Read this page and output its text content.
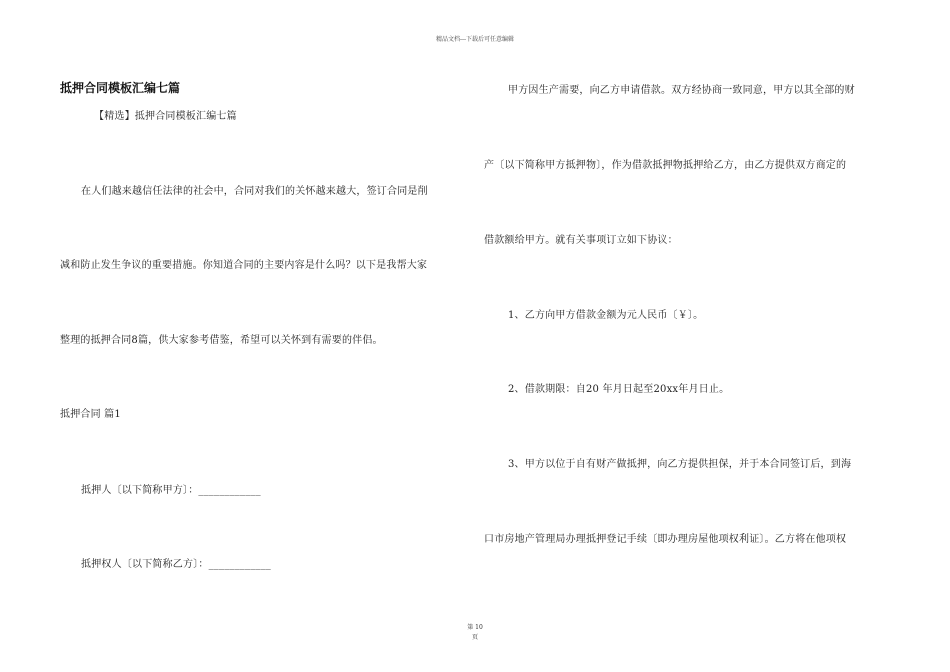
精品文档---下载后可任意编辑
抵押合同模板汇编七篇
【精选】抵押合同模板汇编七篇
在人们越来越信任法律的社会中，合同对我们的关怀越来越大，签订合同是削
减和防止发生争议的重要措施。你知道合同的主要内容是什么吗？以下是我帮大家
整理的抵押合同8篇，供大家参考借鉴，希望可以关怀到有需要的伴侣。
抵押合同 篇1
抵押人〔以下简称甲方〕：____________
抵押权人〔以下简称乙方〕：____________
甲方因生产需要，向乙方申请借款。双方经协商一致同意，甲方以其全部的财
产〔以下简称甲方抵押物〕，作为借款抵押物抵押给乙方，由乙方提供双方商定的
借款额给甲方。就有关事项订立如下协议：
1、乙方向甲方借款金额为元人民币〔￥〕。
2、借款期限：自20 年月日起至20xx年月日止。
3、甲方以位于自有财产做抵押，向乙方提供担保，并于本合同签订后，到海
口市房地产管理局办理抵押登记手续〔即办理房屋他项权利证〕。乙方将在他项权
第 10
页
